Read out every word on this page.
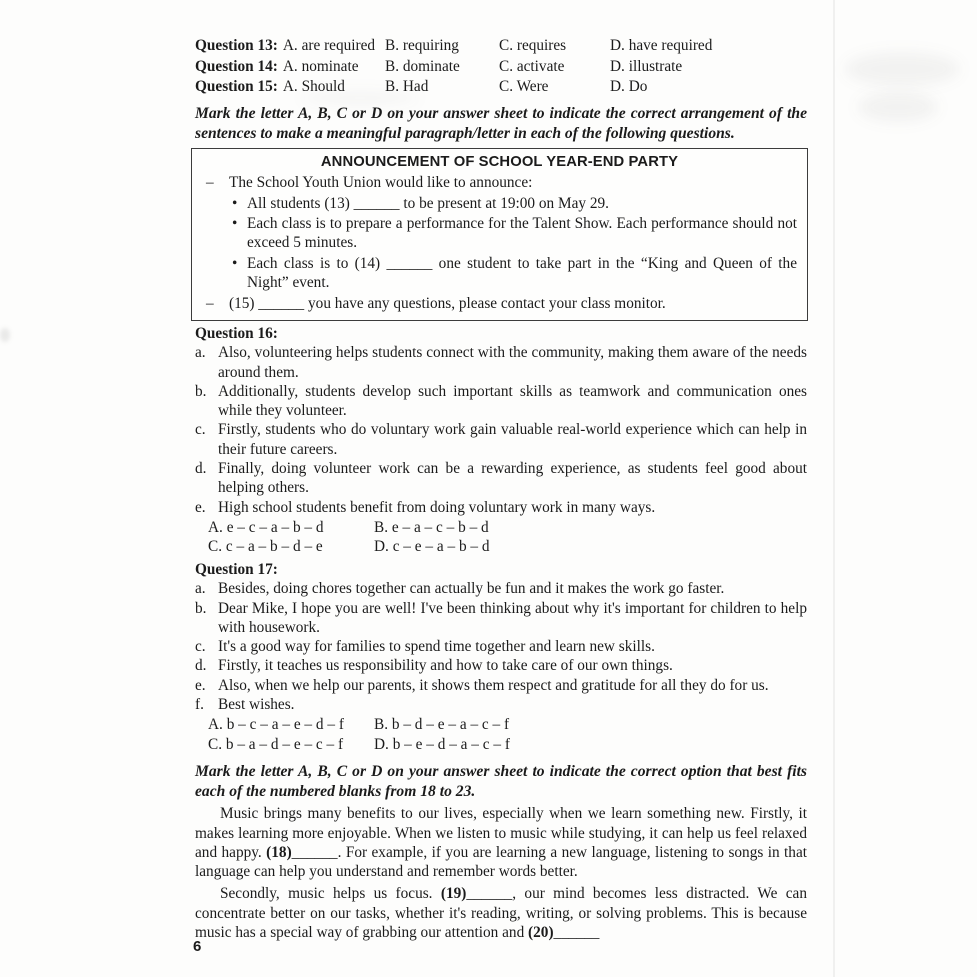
Question 13: A. are required B. requiring	C. requires	D. have required
Question 14: A. nominate	B. dominate	C. activate	D. illustrate
Question 15: A. Should	B. Had	C. Were	D. Do

Mark the letter A, B, C or D on your answer sheet to indicate the correct arrangement of the sentences to make a meaningful paragraph/letter in each of the following questions.

ANNOUNCEMENT OF SCHOOL YEAR-END PARTY

– The School Youth Union would like to announce:

• All students (13) ______ to be present at 19:00 on May 29.

• Each class is to prepare a performance for the Talent Show. Each performance should not exceed 5 minutes.

• Each class is to (14) ______ one student to take part in the “King and Queen of the Night” event.

– (15) ______ you have any questions, please contact your class monitor.

Question 16:

a. Also, volunteering helps students connect with the community, making them aware of the needs around them.

b. Additionally, students develop such important skills as teamwork and communication ones while they volunteer.

c. Firstly, students who do voluntary work gain valuable real-world experience which can help in their future careers.

d. Finally, doing volunteer work can be a rewarding experience, as students feel good about helping others.

e. High school students benefit from doing voluntary work in many ways.

A. e – c – a – b – d	B. e – a – c – b – d
C. c – a – b – d – e	D. c – e – a – b – d

Question 17:

a. Besides, doing chores together can actually be fun and it makes the work go faster.

b. Dear Mike, I hope you are well! I've been thinking about why it's important for children to help with housework.

c. It's a good way for families to spend time together and learn new skills.

d. Firstly, it teaches us responsibility and how to take care of our own things.

e. Also, when we help our parents, it shows them respect and gratitude for all they do for us.

f. Best wishes.

A. b – c – a – e – d – f	B. b – d – e – a – c – f
C. b – a – d – e – c – f	D. b – e – d – a – c – f

Mark the letter A, B, C or D on your answer sheet to indicate the correct option that best fits each of the numbered blanks from 18 to 23.

Music brings many benefits to our lives, especially when we learn something new. Firstly, it makes learning more enjoyable. When we listen to music while studying, it can help us feel relaxed and happy. (18)______. For example, if you are learning a new language, listening to songs in that language can help you understand and remember words better.

Secondly, music helps us focus. (19)______, our mind becomes less distracted. We can concentrate better on our tasks, whether it's reading, writing, or solving problems. This is because music has a special way of grabbing our attention and (20)______

6
